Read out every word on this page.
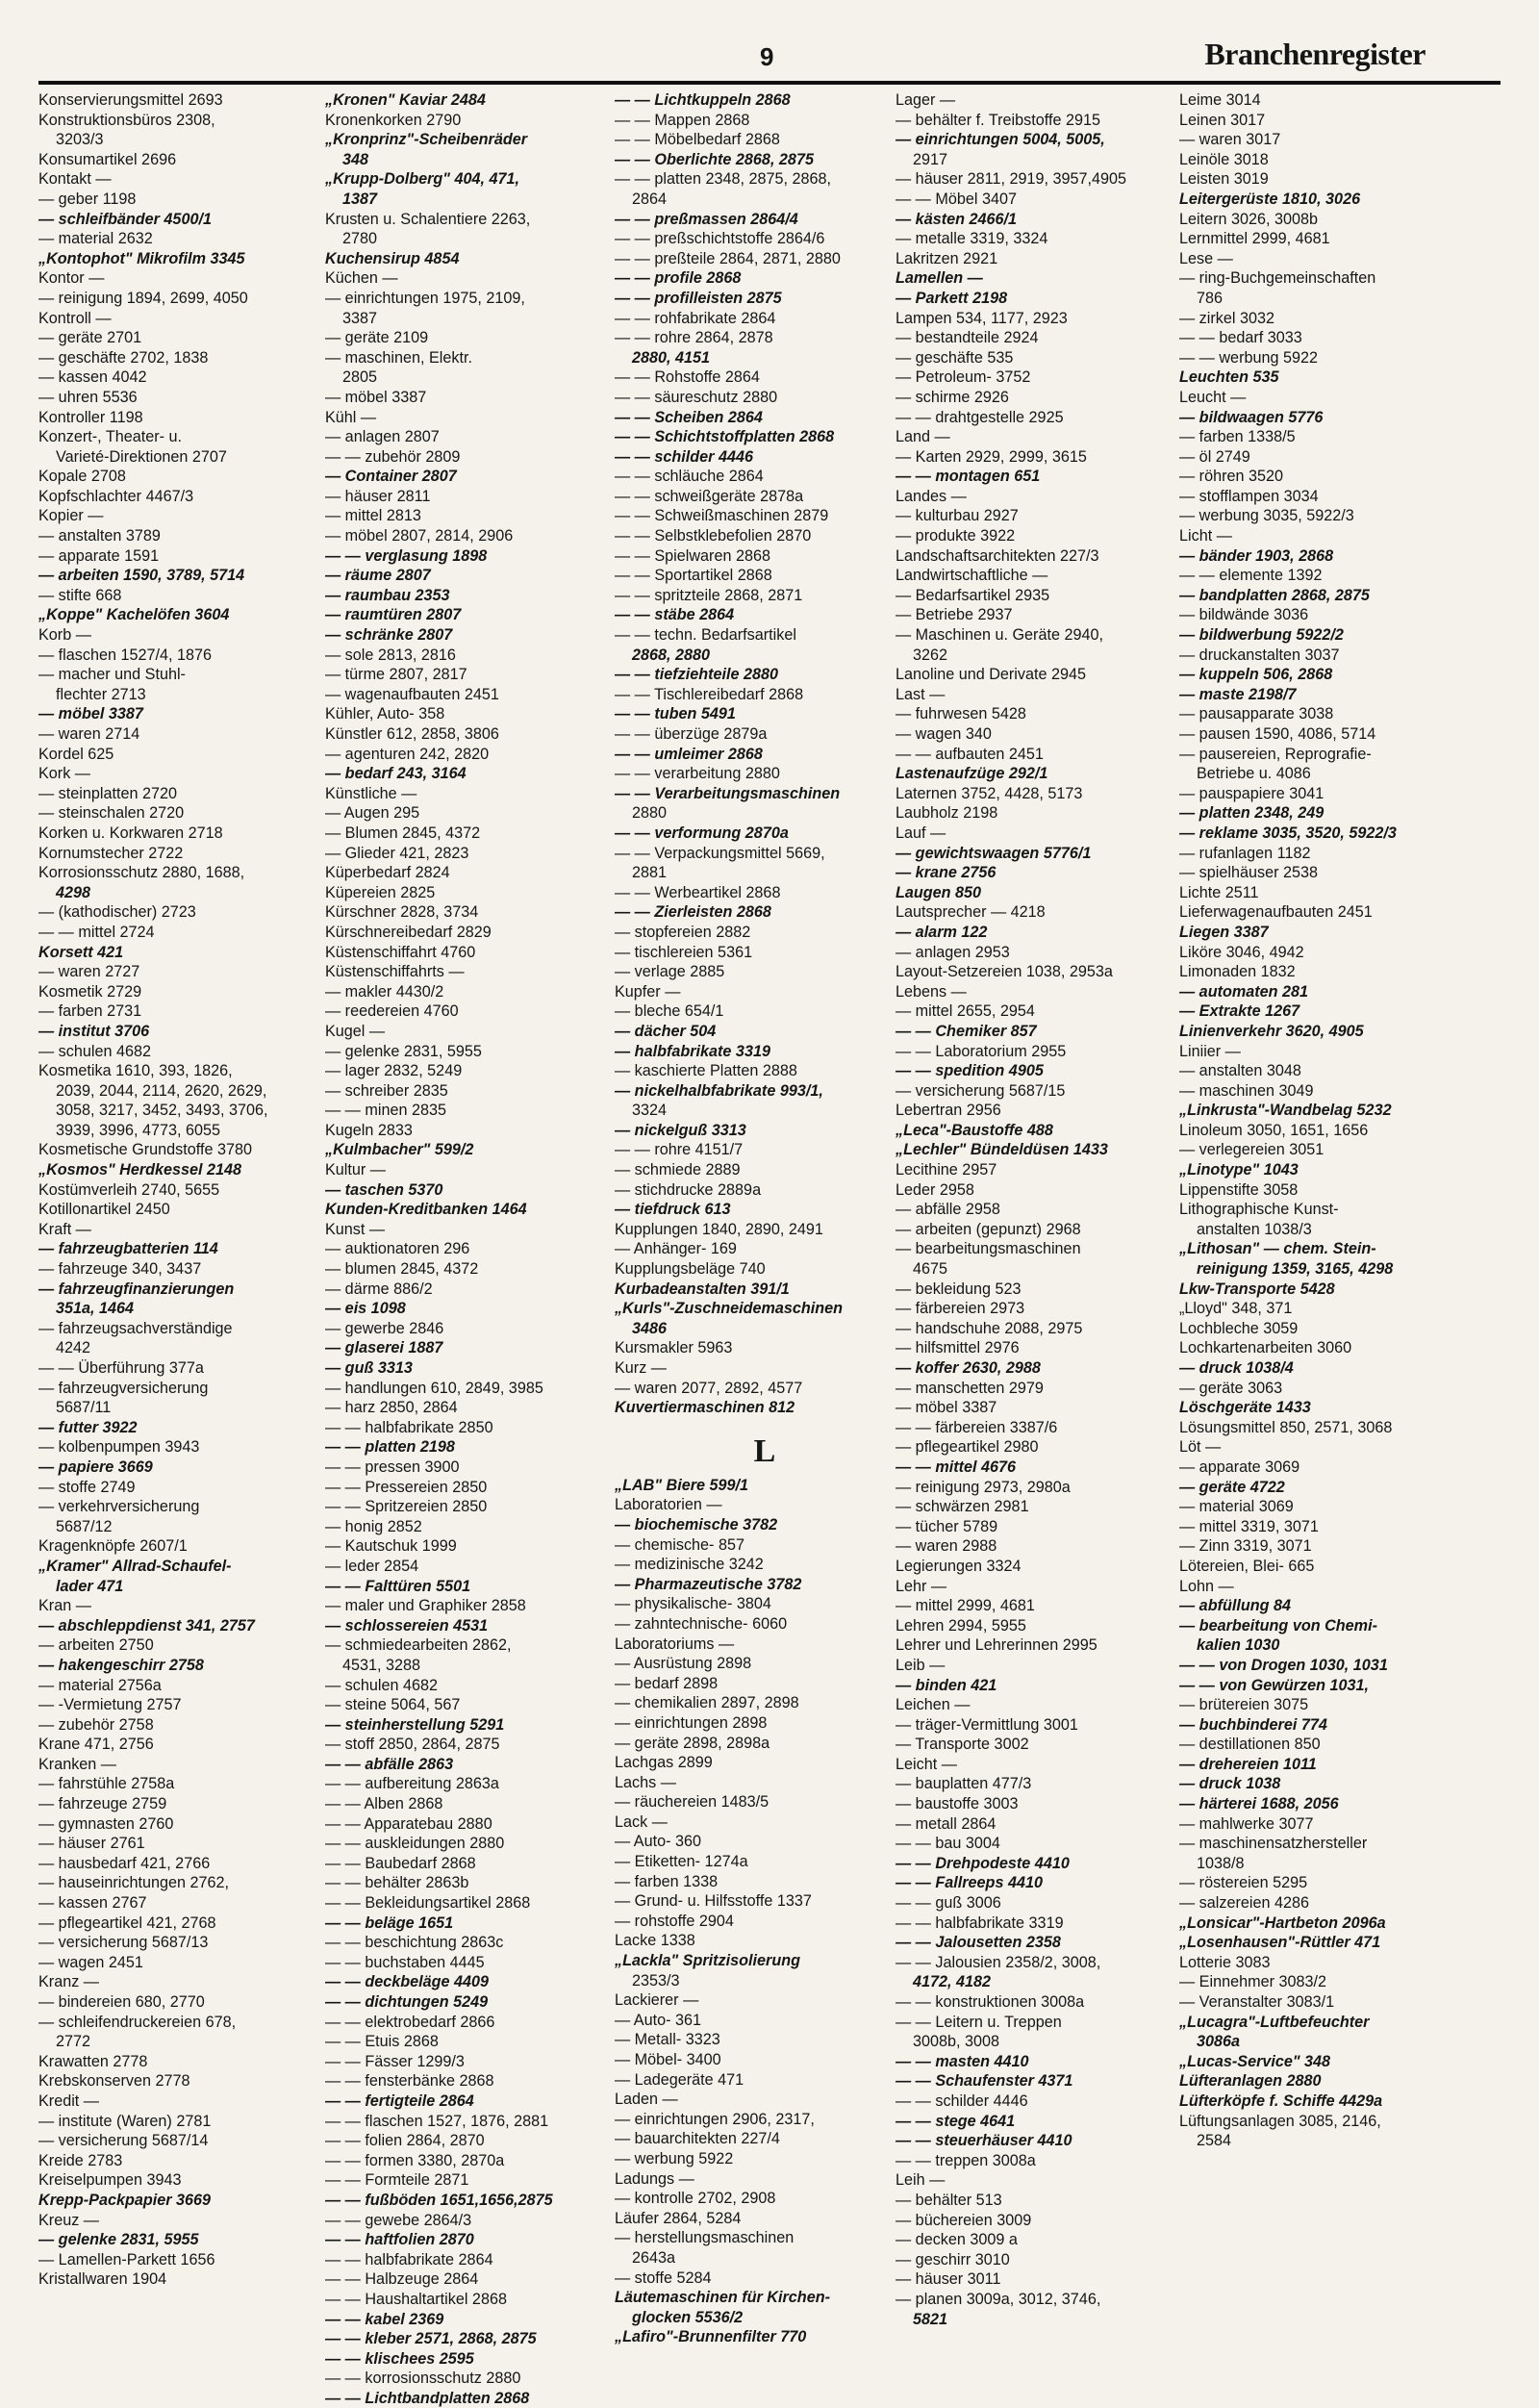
9	Branchenregister
Konservierungsmittel 2693
Konstruktionsbüros 2308,
3203/3
Konsumartikel 2696
Kontakt —
— geber 1198
— schleifbänder 4500/1
— material 2632
„Kontophot" Mikrofilm 3345
Kontor —
— reinigung 1894, 2699, 4050
Kontroll —
— geräte 2701
— geschäfte 2702, 1838
— kassen 4042
— uhren 5536
Kontroller 1198
Konzert-, Theater- u.
Varieté-Direktionen 2707
Kopale 2708
Kopfschlachter 4467/3
Kopier —
— anstalten 3789
— apparate 1591
— arbeiten 1590, 3789, 5714
— stifte 668
„Koppe" Kachelöfen 3604
Korb —
— flaschen 1527/4, 1876
— macher und Stuhl-
flechter 2713
— möbel 3387
— waren 2714
Kordel 625
Kork —
— steinplatten 2720
— steinschalen 2720
Korken u. Korkwaren 2718
Kornumstecher 2722
Korrosionsschutz 2880, 1688,
4298
— (kathodischer) 2723
— — mittel 2724
Korsett 421
— waren 2727
Kosmetik 2729
— farben 2731
— institut 3706
— schulen 4682
Kosmetika 1610, 393, 1826,
2039, 2044, 2114, 2620, 2629,
3058, 3217, 3452, 3493, 3706,
3939, 3996, 4773, 6055
Kosmetische Grundstoffe 3780
„Kosmos" Herdkessel 2148
Kostümverleih 2740, 5655
Kotillonartikel 2450
Kraft —
— fahrzeugbatterien 114
— fahrzeuge 340, 3437
— fahrzeugfinanzierungen
351a, 1464
— fahrzeugsachverständige
4242
— — Überführung 377a
— fahrzeugversicherung
5687/11
— futter 3922
— kolbenpumpen 3943
— papiere 3669
— stoffe 2749
— verkehrversicherung
5687/12
Kragenknöpfe 2607/1
„Kramer" Allrad-Schaufel-
lader 471
Kran —
— abschleppdienst 341, 2757
— arbeiten 2750
— hakengeschirr 2758
— material 2756a
— -Vermietung 2757
— zubehör 2758
Krane 471, 2756
Kranken —
— fahrstühle 2758a
— fahrzeuge 2759
— gymnasten 2760
— häuser 2761
— hausbedarf 421, 2766
— hauseinrichtungen 2762,
— kassen 2767
— pflegeartikel 421, 2768
— versicherung 5687/13
— wagen 2451
Kranz —
— bindereien 680, 2770
— schleifendruckereien 678,
2772
Krawatten 2778
Krebskonserven 2778
Kredit —
— institute (Waren) 2781
— versicherung 5687/14
Kreide 2783
Kreiselpumpen 3943
Krepp-Packpapier 3669
Kreuz —
— gelenke 2831, 5955
— Lamellen-Parkett 1656
Kristallwaren 1904
„Kronen" Kaviar 2484
Kronenkorken 2790
„Kronprinz"-Scheibenräder
348
„Krupp-Dolberg" 404, 471,
1387
Krusten u. Schalentiere 2263,
2780
Kuchensirup 4854
Küchen —
— einrichtungen 1975, 2109,
3387
— geräte 2109
— maschinen, Elektr.
2805
— möbel 3387
Kühl —
— anlagen 2807
— — zubehör 2809
— Container 2807
— häuser 2811
— mittel 2813
— möbel 2807, 2814, 2906
— — verglasung 1898
— räume 2807
— raumbau 2353
— raumtüren 2807
— schränke 2807
— sole 2813, 2816
— türme 2807, 2817
— wagenaufbauten 2451
Kühler, Auto- 358
Künstler 612, 2858, 3806
— agenturen 242, 2820
— bedarf 243, 3164
Künstliche —
— Augen 295
— Blumen 2845, 4372
— Glieder 421, 2823
Küperbedarf 2824
Küpereien 2825
Kürschner 2828, 3734
Kürschnereibedarf 2829
Küstenschiffahrt 4760
Küstenschiffahrts —
— makler 4430/2
— reedereien 4760
Kugel —
— gelenke 2831, 5955
— lager 2832, 5249
— schreiber 2835
— — minen 2835
Kugeln 2833
„Kulmbacher" 599/2
Kultur —
— taschen 5370
Kunden-Kreditbanken 1464
Kunst —
— auktionatoren 296
— blumen 2845, 4372
— därme 886/2
— eis 1098
— gewerbe 2846
— glaserei 1887
— guß 3313
— handlungen 610, 2849, 3985
— harz 2850, 2864
— — halbfabrikate 2850
— — platten 2198
— — pressen 3900
— — Pressereien 2850
— — Spritzereien 2850
— honig 2852
— Kautschuk 1999
— leder 2854
— — Falttüren 5501
— maler und Graphiker 2858
— schlossereien 4531
— schmiedearbeiten 2862,
4531, 3288
— schulen 4682
— steine 5064, 567
— steinherstellung 5291
— stoff 2850, 2864, 2875
— — abfälle 2863
— — aufbereitung 2863a
— — Alben 2868
— — Apparatebau 2880
— — auskleidungen 2880
— — Baubedarf 2868
— — behälter 2863b
— — Bekleidungsartikel 2868
— — beläge 1651
— — beschichtung 2863c
— — buchstaben 4445
— — deckbeläge 4409
— — dichtungen 5249
— — elektrobedarf 2866
— — Etuis 2868
— — Fässer 1299/3
— — fensterbänke 2868
— — fertigteile 2864
— — flaschen 1527, 1876, 2881
— — folien 2864, 2870
— — formen 3380, 2870a
— — Formteile 2871
— — fußböden 1651,1656,2875
— — gewebe 2864/3
— — haftfolien 2870
— — halbfabrikate 2864
— — Halbzeuge 2864
— — Haushaltartikel 2868
— — kabel 2369
— — kleber 2571, 2868, 2875
— — klischees 2595
— — korrosionsschutz 2880
— — Lichtbandplatten 2868
— — Lichtkuppeln 2868
— — Mappen 2868
— — Möbelbedarf 2868
— — Oberlichte 2868, 2875
— — platten 2348, 2875, 2868,
2864
— — preßmassen 2864/4
— — preßschichtstoffe 2864/6
— — preßteile 2864, 2871, 2880
— — profile 2868
— — profilleisten 2875
— — rohfabrikate 2864
— — rohre 2864, 2878
2880, 4151
— — Rohstoffe 2864
— — säureschutz 2880
— — Scheiben 2864
— — Schichtstoffplatten 2868
— — schilder 4446
— — schläuche 2864
— — schweißgeräte 2878a
— — Schweißmaschinen 2879
— — Selbstklebefolien 2870
— — Spielwaren 2868
— — Sportartikel 2868
— — spritzteile 2868, 2871
— — stäbe 2864
— — techn. Bedarfsartikel
2868, 2880
— — tiefziehteile 2880
— — Tischlereibedarf 2868
— — tuben 5491
— — überzüge 2879a
— — umleimer 2868
— — verarbeitung 2880
— — Verarbeitungsmaschinen
2880
— — verformung 2870a
— — Verpackungsmittel 5669,
2881
— — Werbeartikel 2868
— — Zierleisten 2868
— stopfereien 2882
— tischlereien 5361
— verlage 2885
Kupfer —
— bleche 654/1
— dächer 504
— halbfabrikate 3319
— kaschierte Platten 2888
— nickelhalbfabrikate 993/1,
3324
— nickelguß 3313
— — rohre 4151/7
— schmiede 2889
— stichdrucke 2889a
— tiefdruck 613
Kupplungen 1840, 2890, 2491
— Anhänger- 169
Kupplungsbeläge 740
Kurbadeanstalten 391/1
„Kurls"-Zuschneidemaschinen
3486
Kursmakler 5963
Kurz —
— waren 2077, 2892, 4577
Kuvertiermaschinen 812
L
„LAB" Biere 599/1
Laboratorien —
— biochemische 3782
— chemische- 857
— medizinische 3242
— Pharmazeutische 3782
— physikalische- 3804
— zahntechnische- 6060
Laboratoriums —
— Ausrüstung 2898
— bedarf 2898
— chemikalien 2897, 2898
— einrichtungen 2898
— geräte 2898, 2898a
Lachgas 2899
Lachs —
— räuchereien 1483/5
Lack —
— Auto- 360
— Etiketten- 1274a
— farben 1338
— Grund- u. Hilfsstoffe 1337
— rohstoffe 2904
Lacke 1338
„Lackla" Spritzisolierung
2353/3
Lackierer —
— Auto- 361
— Metall- 3323
— Möbel- 3400
— Ladegeräte 471
Laden —
— einrichtungen 2906, 2317,
— bauarchitekten 227/4
— werbung 5922
Ladungs —
— kontrolle 2702, 2908
Läufer 2864, 5284
— herstellungsmaschinen
2643a
— stoffe 5284
Läutemaschinen für Kirchen-
glocken 5536/2
„Lafiro"-Brunnenfilter 770
Lager —
— behälter f. Treibstoffe 2915
— einrichtungen 5004, 5005,
2917
— häuser 2811, 2919, 3957,4905
— — Möbel 3407
— kästen 2466/1
— metalle 3319, 3324
Lakritzen 2921
Lamellen —
— Parkett 2198
Lampen 534, 1177, 2923
— bestandteile 2924
— geschäfte 535
— Petroleum- 3752
— schirme 2926
— — drahtgestelle 2925
Land —
— Karten 2929, 2999, 3615
— — montagen 651
Landes —
— kulturbau 2927
— produkte 3922
Landschaftsarchitekten 227/3
Landwirtschaftliche —
— Bedarfsartikel 2935
— Betriebe 2937
— Maschinen u. Geräte 2940,
3262
Lanoline und Derivate 2945
Last —
— fuhrwesen 5428
— wagen 340
— — aufbauten 2451
Lastenaufzüge 292/1
Laternen 3752, 4428, 5173
Laubholz 2198
Lauf —
— gewichtswaagen 5776/1
— krane 2756
Laugen 850
Lautsprecher — 4218
— alarm 122
— anlagen 2953
Layout-Setzereien 1038, 2953a
Lebens —
— mittel 2655, 2954
— — Chemiker 857
— — Laboratorium 2955
— — spedition 4905
— versicherung 5687/15
Lebertran 2956
„Leca"-Baustoffe 488
„Lechler" Bündeldüsen 1433
Lecithine 2957
Leder 2958
— abfälle 2958
— arbeiten (gepunzt) 2968
— bearbeitungsmaschinen
4675
— bekleidung 523
— färbereien 2973
— handschuhe 2088, 2975
— hilfsmittel 2976
— koffer 2630, 2988
— manschetten 2979
— möbel 3387
— — färbereien 3387/6
— pflegeartikel 2980
— — mittel 4676
— reinigung 2973, 2980a
— schwärzen 2981
— tücher 5789
— waren 2988
Legierungen 3324
Lehr —
— mittel 2999, 4681
Lehren 2994, 5955
Lehrer und Lehrerinnen 2995
Leib —
— binden 421
Leichen —
— träger-Vermittlung 3001
— Transporte 3002
Leicht —
— bauplatten 477/3
— baustoffe 3003
— metall 2864
— — bau 3004
— — Drehpodeste 4410
— — Fallreeps 4410
— — guß 3006
— — halbfabrikate 3319
— — Jalousetten 2358
— — Jalousien 2358/2, 3008,
4172, 4182
— — konstruktionen 3008a
— — Leitern u. Treppen
3008b, 3008
— — masten 4410
— — Schaufenster 4371
— — schilder 4446
— — stege 4641
— — steuerhäuser 4410
— — treppen 3008a
Leih —
— behälter 513
— büchereien 3009
— decken 3009 a
— geschirr 3010
— häuser 3011
— planen 3009a, 3012, 3746,
5821
Leime 3014
Leinen 3017
— waren 3017
Leinöle 3018
Leisten 3019
Leitergerüste 1810, 3026
Leitern 3026, 3008b
Lernmittel 2999, 4681
Lese —
— ring-Buchgemeinschaften
786
— zirkel 3032
— — bedarf 3033
— — werbung 5922
Leuchten 535
Leucht —
— bildwaagen 5776
— farben 1338/5
— öl 2749
— röhren 3520
— stofflampen 3034
— werbung 3035, 5922/3
Licht —
— bänder 1903, 2868
— — elemente 1392
— bandplatten 2868, 2875
— bildwände 3036
— bildwerbung 5922/2
— druckanstalten 3037
— kuppeln 506, 2868
— maste 2198/7
— pausapparate 3038
— pausen 1590, 4086, 5714
— pausereien, Reprografie-
Betriebe u. 4086
— pauspapiere 3041
— platten 2348, 249
— reklame 3035, 3520, 5922/3
— rufanlagen 1182
— spielhäuser 2538
Lichte 2511
Lieferwagenaufbauten 2451
Liegen 3387
Liköre 3046, 4942
Limonaden 1832
— automaten 281
— Extrakte 1267
Linienverkehr 3620, 4905
Liniier —
— anstalten 3048
— maschinen 3049
„Linkrusta"-Wandbelag 5232
Linoleum 3050, 1651, 1656
— verlegereien 3051
„Linotype" 1043
Lippenstifte 3058
Lithographische Kunst-
anstalten 1038/3
„Lithosan" — chem. Stein-
reinigung 1359, 3165, 4298
Lkw-Transporte 5428
„Lloyd" 348, 371
Lochbleche 3059
Lochkartenarbeiten 3060
— druck 1038/4
— geräte 3063
Löschgeräte 1433
Lösungsmittel 850, 2571, 3068
Löt —
— apparate 3069
— geräte 4722
— material 3069
— mittel 3319, 3071
— Zinn 3319, 3071
Lötereien, Blei- 665
Lohn —
— abfüllung 84
— bearbeitung von Chemi-
kalien 1030
— — von Drogen 1030, 1031
— — von Gewürzen 1031,
— brütereien 3075
— buchbinderei 774
— destillationen 850
— drehereien 1011
— druck 1038
— härterei 1688, 2056
— mahlwerke 3077
— maschinensatzhersteller
1038/8
— röstereien 5295
— salzereien 4286
„Lonsicar"-Hartbeton 2096a
„Losenhausen"-Rüttler 471
Lotterie 3083
— Einnehmer 3083/2
— Veranstalter 3083/1
„Lucagra"-Luftbefeuchter
3086a
„Lucas-Service" 348
Lüfteranlagen 2880
Lüfterköpfe f. Schiffe 4429a
Lüftungsanlagen 3085, 2146,
2584
